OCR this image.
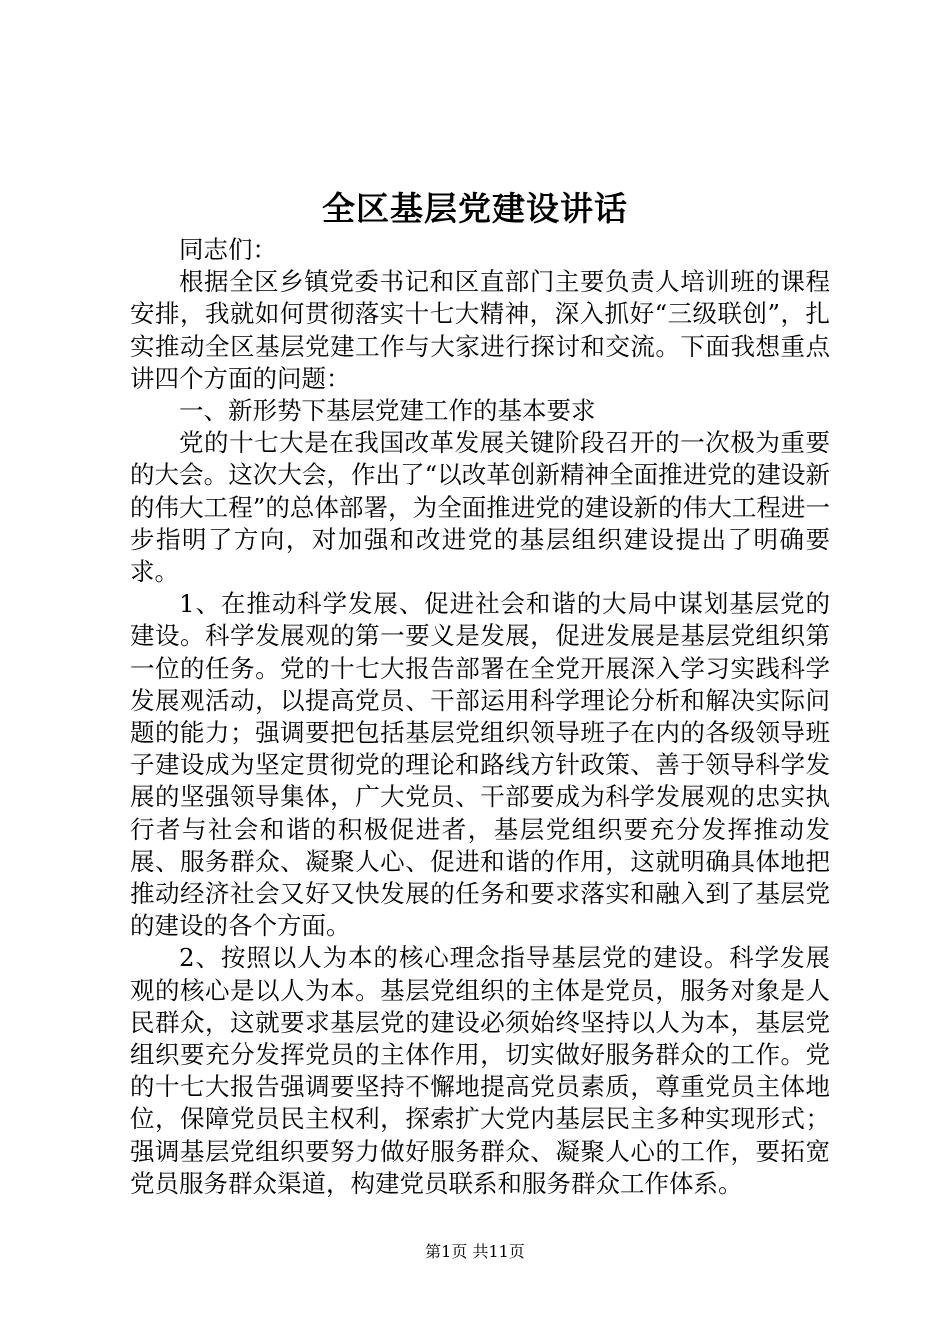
全区基层党建设讲话

同志们：

根据全区乡镇党委书记和区直部门主要负责人培训班的课程安排，我就如何贯彻落实十七大精神，深入抓好“三级联创”，扎实推动全区基层党建工作与大家进行探讨和交流。下面我想重点讲四个方面的问题：

一、新形势下基层党建工作的基本要求

党的十七大是在我国改革发展关键阶段召开的一次极为重要的大会。这次大会，作出了“以改革创新精神全面推进党的建设新的伟大工程”的总体部署，为全面推进党的建设新的伟大工程进一步指明了方向，对加强和改进党的基层组织建设提出了明确要求。

1、在推动科学发展、促进社会和谐的大局中谋划基层党的建设。科学发展观的第一要义是发展，促进发展是基层党组织第一位的任务。党的十七大报告部署在全党开展深入学习实践科学发展观活动，以提高党员、干部运用科学理论分析和解决实际问题的能力；强调要把包括基层党组织领导班子在内的各级领导班子建设成为坚定贯彻党的理论和路线方针政策、善于领导科学发展的坚强领导集体，广大党员、干部要成为科学发展观的忠实执行者与社会和谐的积极促进者，基层党组织要充分发挥推动发展、服务群众、凝聚人心、促进和谐的作用，这就明确具体地把推动经济社会又好又快发展的任务和要求落实和融入到了基层党的建设的各个方面。

2、按照以人为本的核心理念指导基层党的建设。科学发展观的核心是以人为本。基层党组织的主体是党员，服务对象是人民群众，这就要求基层党的建设必须始终坚持以人为本，基层党组织要充分发挥党员的主体作用，切实做好服务群众的工作。党的十七大报告强调要坚持不懈地提高党员素质，尊重党员主体地位，保障党员民主权利，探索扩大党内基层民主多种实现形式；强调基层党组织要努力做好服务群众、凝聚人心的工作，要拓宽党员服务群众渠道，构建党员联系和服务群众工作体系。

第1页 共11页
